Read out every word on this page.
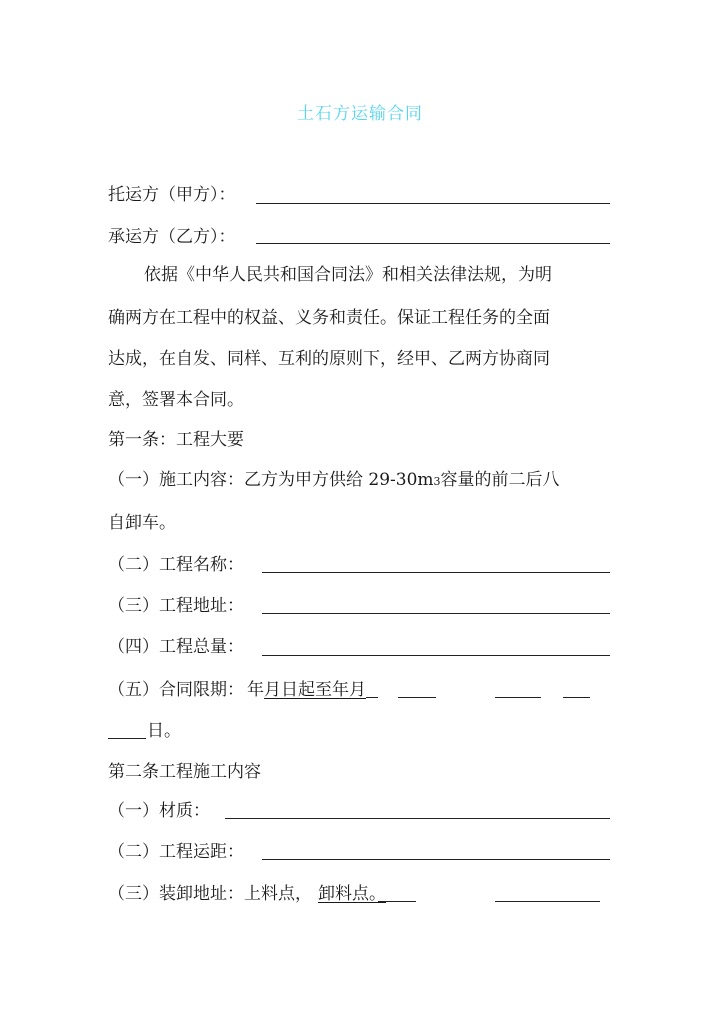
土石方运输合同
托运方（甲方）：
承运方（乙方）：
依据《中华人民共和国合同法》和相关法律法规，为明
确两方在工程中的权益、义务和责任。保证工程任务的全面
达成，在自发、同样、互利的原则下，经甲、乙两方协商同
意，签署本合同。
第一条：工程大要
（一）施工内容：乙方为甲方供给 29-30m3容量的前二后八
自卸车。
（二）工程名称：
（三）工程地址：
（四）工程总量：
（五）合同限期： 年 月日起至年月
日。
第二条工程施工内容
（一）材质：
（二）工程运距：
（三）装卸地址：上料点， 卸料点。
